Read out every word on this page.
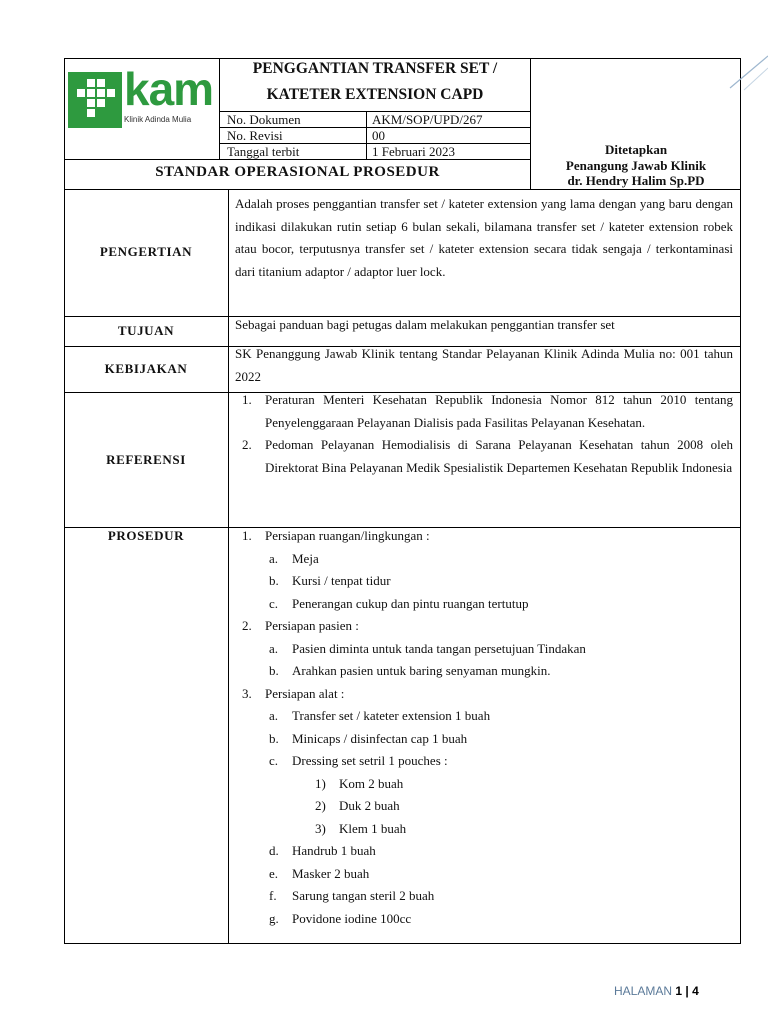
kam
Klinik Adinda Mulia
PENGGANTIAN TRANSFER SET /
KATETER EXTENSION CAPD
No. Dokumen	AKM/SOP/UPD/267
No. Revisi	00
Tanggal terbit	1 Februari 2023
STANDAR OPERASIONAL PROSEDUR
Ditetapkan
Penangung Jawab Klinik
dr. Hendry Halim Sp.PD
PENGERTIAN
Adalah proses penggantian transfer set / kateter extension yang lama dengan yang baru dengan indikasi dilakukan rutin setiap 6 bulan sekali, bilamana transfer set / kateter extension robek atau bocor, terputusnya transfer set / kateter extension secara tidak sengaja / terkontaminasi dari titanium adaptor / adaptor luer lock.
TUJUAN	Sebagai panduan bagi petugas dalam melakukan penggantian transfer set
KEBIJAKAN
SK Penanggung Jawab Klinik tentang Standar Pelayanan Klinik Adinda Mulia no: 001 tahun 2022
REFERENSI
1. Peraturan Menteri Kesehatan Republik Indonesia Nomor 812 tahun 2010 tentang Penyelenggaraan Pelayanan Dialisis pada Fasilitas Pelayanan Kesehatan.
2. Pedoman Pelayanan Hemodialisis di Sarana Pelayanan Kesehatan tahun 2008 oleh Direktorat Bina Pelayanan Medik Spesialistik Departemen Kesehatan Republik Indonesia
PROSEDUR	1. Persiapan ruangan/lingkungan :
a. Meja
b. Kursi / tenpat tidur
c. Penerangan cukup dan pintu ruangan tertutup
2. Persiapan pasien :
a. Pasien diminta untuk tanda tangan persetujuan Tindakan
b. Arahkan pasien untuk baring senyaman mungkin.
3. Persiapan alat :
a. Transfer set / kateter extension 1 buah
b. Minicaps / disinfectan cap 1 buah
c. Dressing set setril 1 pouches :
1) Kom 2 buah
2) Duk 2 buah
3) Klem 1 buah
d. Handrub 1 buah
e. Masker 2 buah
f. Sarung tangan steril 2 buah
g. Povidone iodine 100cc
HALAMAN 1 | 4
